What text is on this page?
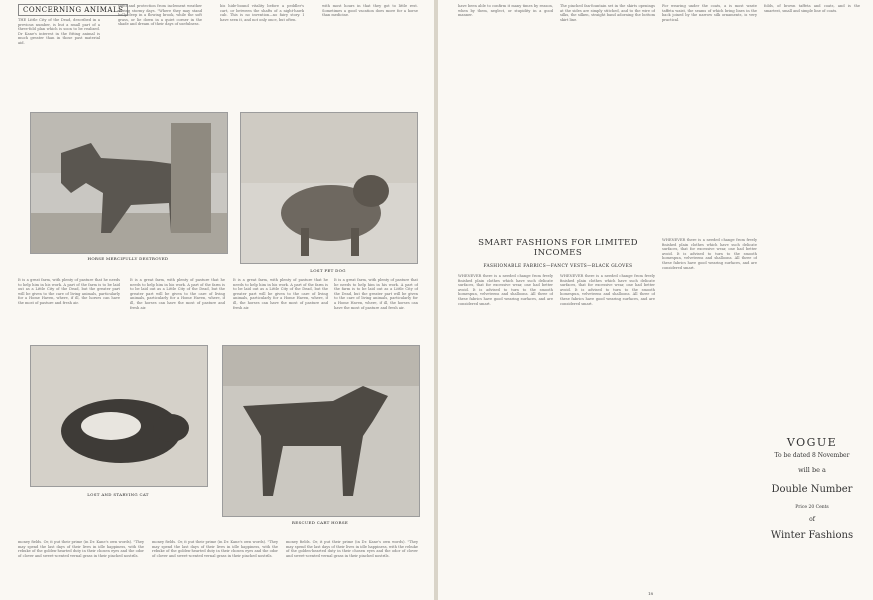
CONCERNING ANIMALS
THE Little City of the Dead, described in a previous number, is but a small part of a three-fold plan which is soon to be realized. Dr Kane's interest in the fitting animal is much greater than in those past material aid.
sight and protection from inclement weather during stormy days. "Where they may stand belly deep in a flowing brook, while the soft grass, or lie down in a quiet corner in the shade and dream of their days of usefulness.
his hide-bound vitality before a peddler's cart, or between the shafts of a night-hawk cab. This is no invention—no fairy story. I have seen it, and not only once, but often.
with most hours in that they got to little rest. Sometimes a good vacation does more for a horse than medicine.
HORSE MERCIFULLY DESTROYED
LOST PET DOG
It is a great farm, with plenty of pasture that he needs to help him in his work. A part of the farm is to be laid out as a Little City of the Dead, but the greater part will be given to the care of living animals, particularly for a Home Haven, where, if ill, the horses can have the most of pasture and fresh air.
It is a great farm, with plenty of pasture that he needs to help him in his work. A part of the farm is to be laid out as a Little City of the Dead, but the greater part will be given to the care of living animals, particularly for a Home Haven, where, if ill, the horses can have the most of pasture and fresh air.
It is a great farm, with plenty of pasture that he needs to help him in his work. A part of the farm is to be laid out as a Little City of the Dead, but the greater part will be given to the care of living animals, particularly for a Home Haven, where, if ill, the horses can have the most of pasture and fresh air.
It is a great farm, with plenty of pasture that he needs to help him in his work. A part of the farm is to be laid out as a Little City of the Dead, but the greater part will be given to the care of living animals, particularly for a Home Haven, where, if ill, the horses can have the most of pasture and fresh air.
LOST AND STARVING CAT
RESCUED CART HORSE
money fields. Or, it put their prime (in Dr. Kane's own words). "They may spend the last days of their lives in idle happiness, with the rebuke of the golden-hearted duty in their chosen eyes and the odor of clover and sweet-scented vernal grass in their pinched nostrils.
money fields. Or, it put their prime (in Dr. Kane's own words). "They may spend the last days of their lives in idle happiness, with the rebuke of the golden-hearted duty in their chosen eyes and the odor of clover and sweet-scented vernal grass in their pinched nostrils.
money fields. Or, it put their prime (in Dr. Kane's own words). "They may spend the last days of their lives in idle happiness, with the rebuke of the golden-hearted duty in their chosen eyes and the odor of clover and sweet-scented vernal grass in their pinched nostrils.
have been able to confirm it many times by reason, when by them, neglect, or stupidity in a good manner.
The pinched fan-fountain set in the skirts openings at the sides are simply stitched, and to the wire of silks, the silken, straight band adorning the bottom skirt line.
For wearing under the coats, a is most waste taffeta waist, the seams of which bring lines in the back joined by the narrow silk ornaments, is very practical.
folds, of brown taffeta and coats, and is the smartest, small and simple line of coats.
SMART FASHIONS FOR LIMITED INCOMES
FASHIONABLE FABRICS—FANCY VESTS—BLACK GLOVES
WHENEVER there is a needed change from freely finished plain clothes which have such delicate surfaces, that for excessive wear, one had better avoid. It is advised to turn to the smooth homespun, velveteens and shalloons. All three of these fabrics have good wearing surfaces, and are considered smart.
WHENEVER there is a needed change from freely finished plain clothes which have such delicate surfaces, that for excessive wear, one had better avoid. It is advised to turn to the smooth homespun, velveteens and shalloons. All three of these fabrics have good wearing surfaces, and are considered smart.
WHENEVER there is a needed change from freely finished plain clothes which have such delicate surfaces, that for excessive wear, one had better avoid. It is advised to turn to the smooth homespun, velveteens and shalloons. All three of these fabrics have good wearing surfaces, and are considered smart.
VOGUE
To be dated 8 November
will be a
Double Number
Price 20 Cents
of
Winter Fashions
18
